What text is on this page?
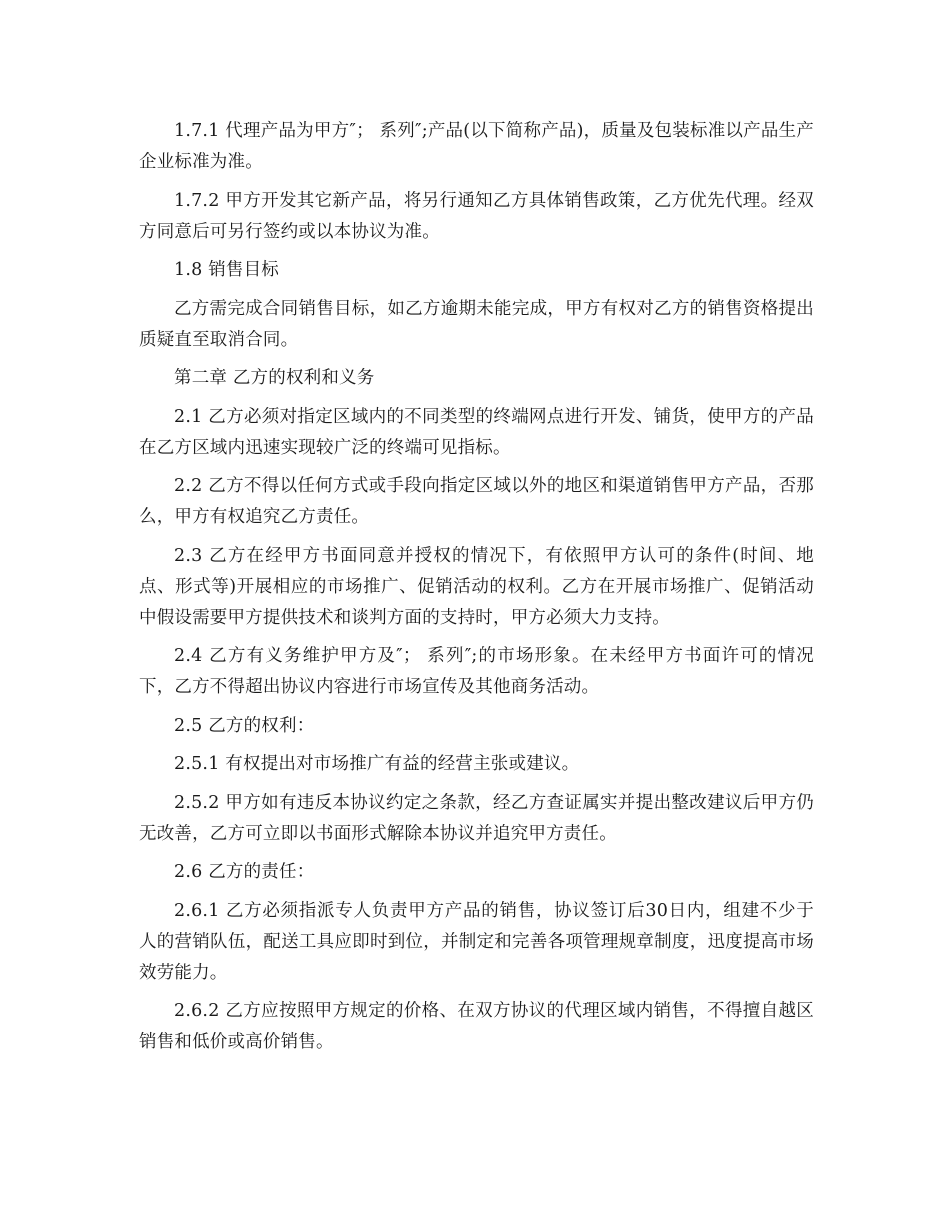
1.7.1 代理产品为甲方″； 系列″;产品(以下简称产品)，质量及包装标准以产品生产企业标准为准。

1.7.2 甲方开发其它新产品，将另行通知乙方具体销售政策，乙方优先代理。经双方同意后可另行签约或以本协议为准。

1.8 销售目标

乙方需完成合同销售目标，如乙方逾期未能完成，甲方有权对乙方的销售资格提出质疑直至取消合同。

第二章 乙方的权利和义务

2.1 乙方必须对指定区域内的不同类型的终端网点进行开发、铺货，使甲方的产品在乙方区域内迅速实现较广泛的终端可见指标。

2.2 乙方不得以任何方式或手段向指定区域以外的地区和渠道销售甲方产品，否那么，甲方有权追究乙方责任。

2.3 乙方在经甲方书面同意并授权的情况下，有依照甲方认可的条件(时间、地点、形式等)开展相应的市场推广、促销活动的权利。乙方在开展市场推广、促销活动中假设需要甲方提供技术和谈判方面的支持时，甲方必须大力支持。

2.4 乙方有义务维护甲方及″； 系列″;的市场形象。在未经甲方书面许可的情况下，乙方不得超出协议内容进行市场宣传及其他商务活动。

2.5 乙方的权利：

2.5.1 有权提出对市场推广有益的经营主张或建议。

2.5.2 甲方如有违反本协议约定之条款，经乙方查证属实并提出整改建议后甲方仍无改善，乙方可立即以书面形式解除本协议并追究甲方责任。

2.6 乙方的责任：

2.6.1 乙方必须指派专人负责甲方产品的销售，协议签订后30日内，组建不少于 人的营销队伍，配送工具应即时到位，并制定和完善各项管理规章制度，迅度提高市场效劳能力。

2.6.2 乙方应按照甲方规定的价格、在双方协议的代理区域内销售，不得擅自越区销售和低价或高价销售。
